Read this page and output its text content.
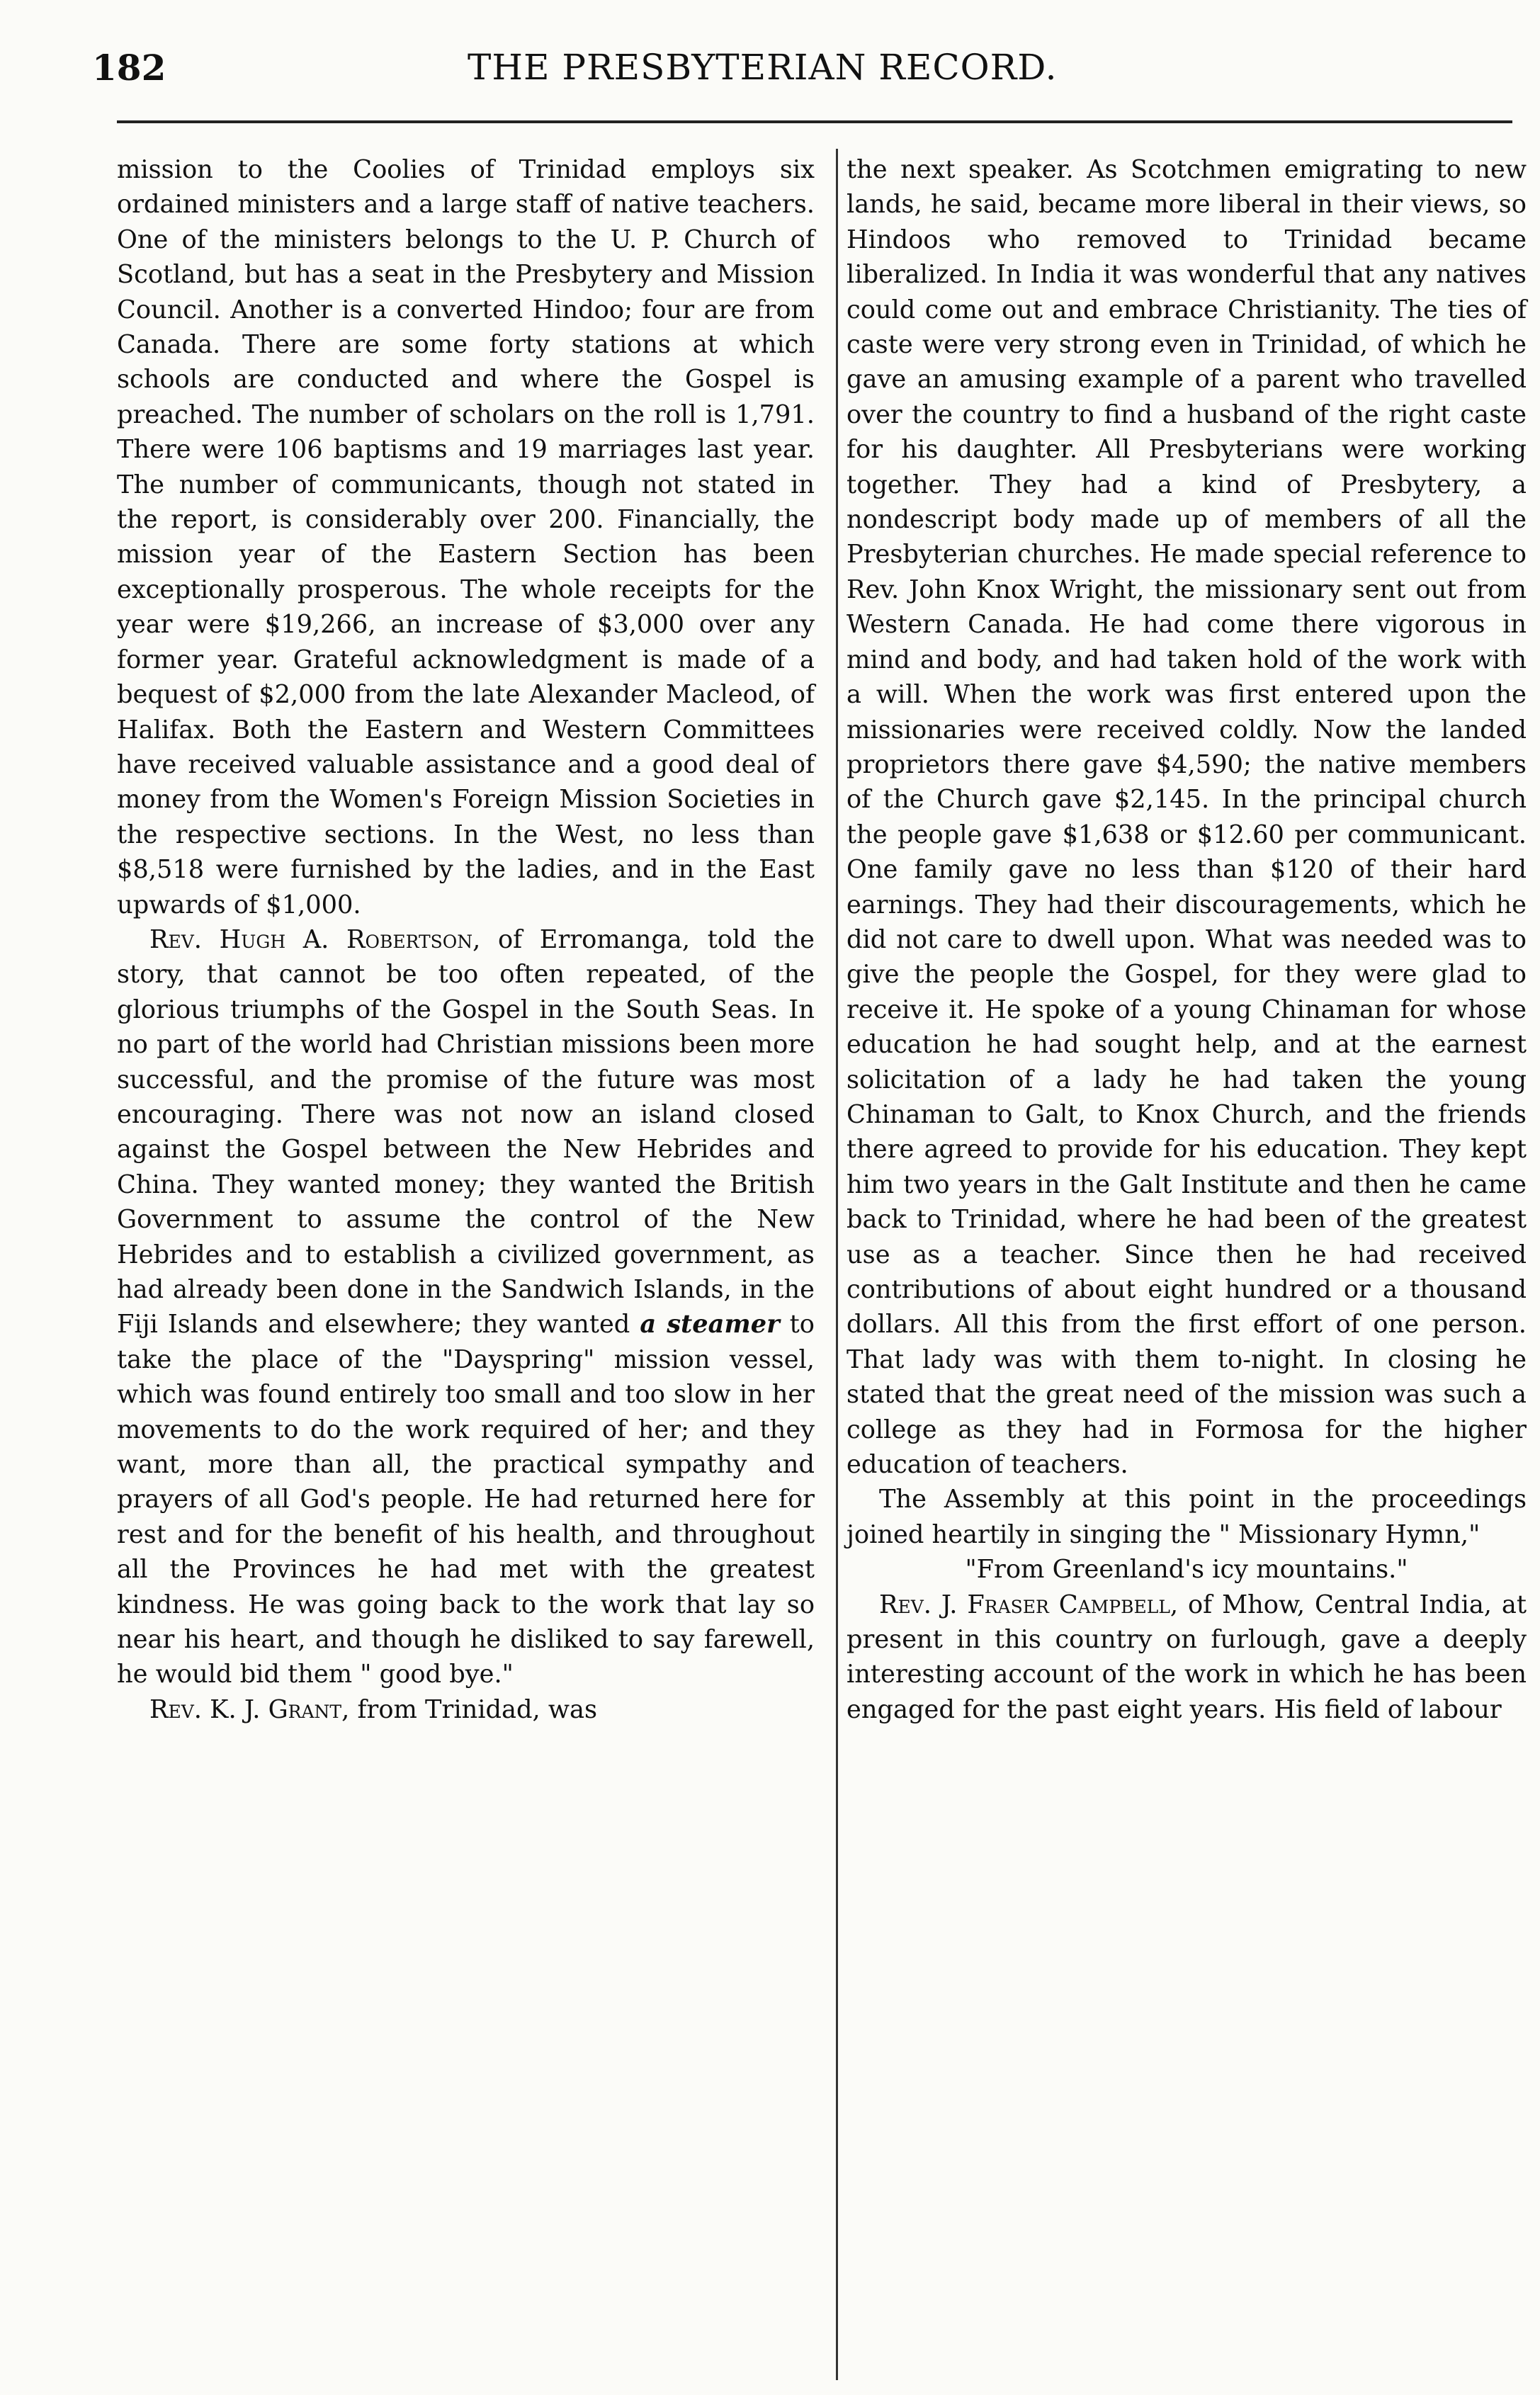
182	THE PRESBYTERIAN RECORD.

mission to the Coolies of Trinidad employs six ordained ministers and a large staff of native teachers. One of the ministers belongs to the U. P. Church of Scotland, but has a seat in the Presbytery and Mission Council. Another is a converted Hindoo; four are from Canada. There are some forty stations at which schools are conducted and where the Gospel is preached. The number of scholars on the roll is 1,791. There were 106 baptisms and 19 marriages last year. The number of communicants, though not stated in the report, is considerably over 200. Financially, the mission year of the Eastern Section has been exceptionally prosperous. The whole receipts for the year were $19,266, an increase of $3,000 over any former year. Grateful acknowledgment is made of a bequest of $2,000 from the late Alexander Macleod, of Halifax. Both the Eastern and Western Committees have received valuable assistance and a good deal of money from the Women's Foreign Mission Societies in the respective sections. In the West, no less than $8,518 were furnished by the ladies, and in the East upwards of $1,000.

Rev. Hugh A. Robertson, of Erromanga, told the story, that cannot be too often repeated, of the glorious triumphs of the Gospel in the South Seas. In no part of the world had Christian missions been more successful, and the promise of the future was most encouraging. There was not now an island closed against the Gospel between the New Hebrides and China. They wanted money; they wanted the British Government to assume the control of the New Hebrides and to establish a civilized government, as had already been done in the Sandwich Islands, in the Fiji Islands and elsewhere; they wanted a steamer to take the place of the "Dayspring" mission vessel, which was found entirely too small and too slow in her movements to do the work required of her; and they want, more than all, the practical sympathy and prayers of all God's people. He had returned here for rest and for the benefit of his health, and throughout all the Provinces he had met with the greatest kindness. He was going back to the work that lay so near his heart, and though he disliked to say farewell, he would bid them " good bye."

Rev. K. J. Grant, from Trinidad, was

the next speaker. As Scotchmen emigrating to new lands, he said, became more liberal in their views, so Hindoos who removed to Trinidad became liberalized. In India it was wonderful that any natives could come out and embrace Christianity. The ties of caste were very strong even in Trinidad, of which he gave an amusing example of a parent who travelled over the country to find a husband of the right caste for his daughter. All Presbyterians were working together. They had a kind of Presbytery, a nondescript body made up of members of all the Presbyterian churches. He made special reference to Rev. John Knox Wright, the missionary sent out from Western Canada. He had come there vigorous in mind and body, and had taken hold of the work with a will. When the work was first entered upon the missionaries were received coldly. Now the landed proprietors there gave $4,590; the native members of the Church gave $2,145. In the principal church the people gave $1,638 or $12.60 per communicant. One family gave no less than $120 of their hard earnings. They had their discouragements, which he did not care to dwell upon. What was needed was to give the people the Gospel, for they were glad to receive it. He spoke of a young Chinaman for whose education he had sought help, and at the earnest solicitation of a lady he had taken the young Chinaman to Galt, to Knox Church, and the friends there agreed to provide for his education. They kept him two years in the Galt Institute and then he came back to Trinidad, where he had been of the greatest use as a teacher. Since then he had received contributions of about eight hundred or a thousand dollars. All this from the first effort of one person. That lady was with them to-night. In closing he stated that the great need of the mission was such a college as they had in Formosa for the higher education of teachers.

The Assembly at this point in the proceedings joined heartily in singing the " Missionary Hymn,"

"From Greenland's icy mountains."

Rev. J. Fraser Campbell, of Mhow, Central India, at present in this country on furlough, gave a deeply interesting account of the work in which he has been engaged for the past eight years. His field of labour
